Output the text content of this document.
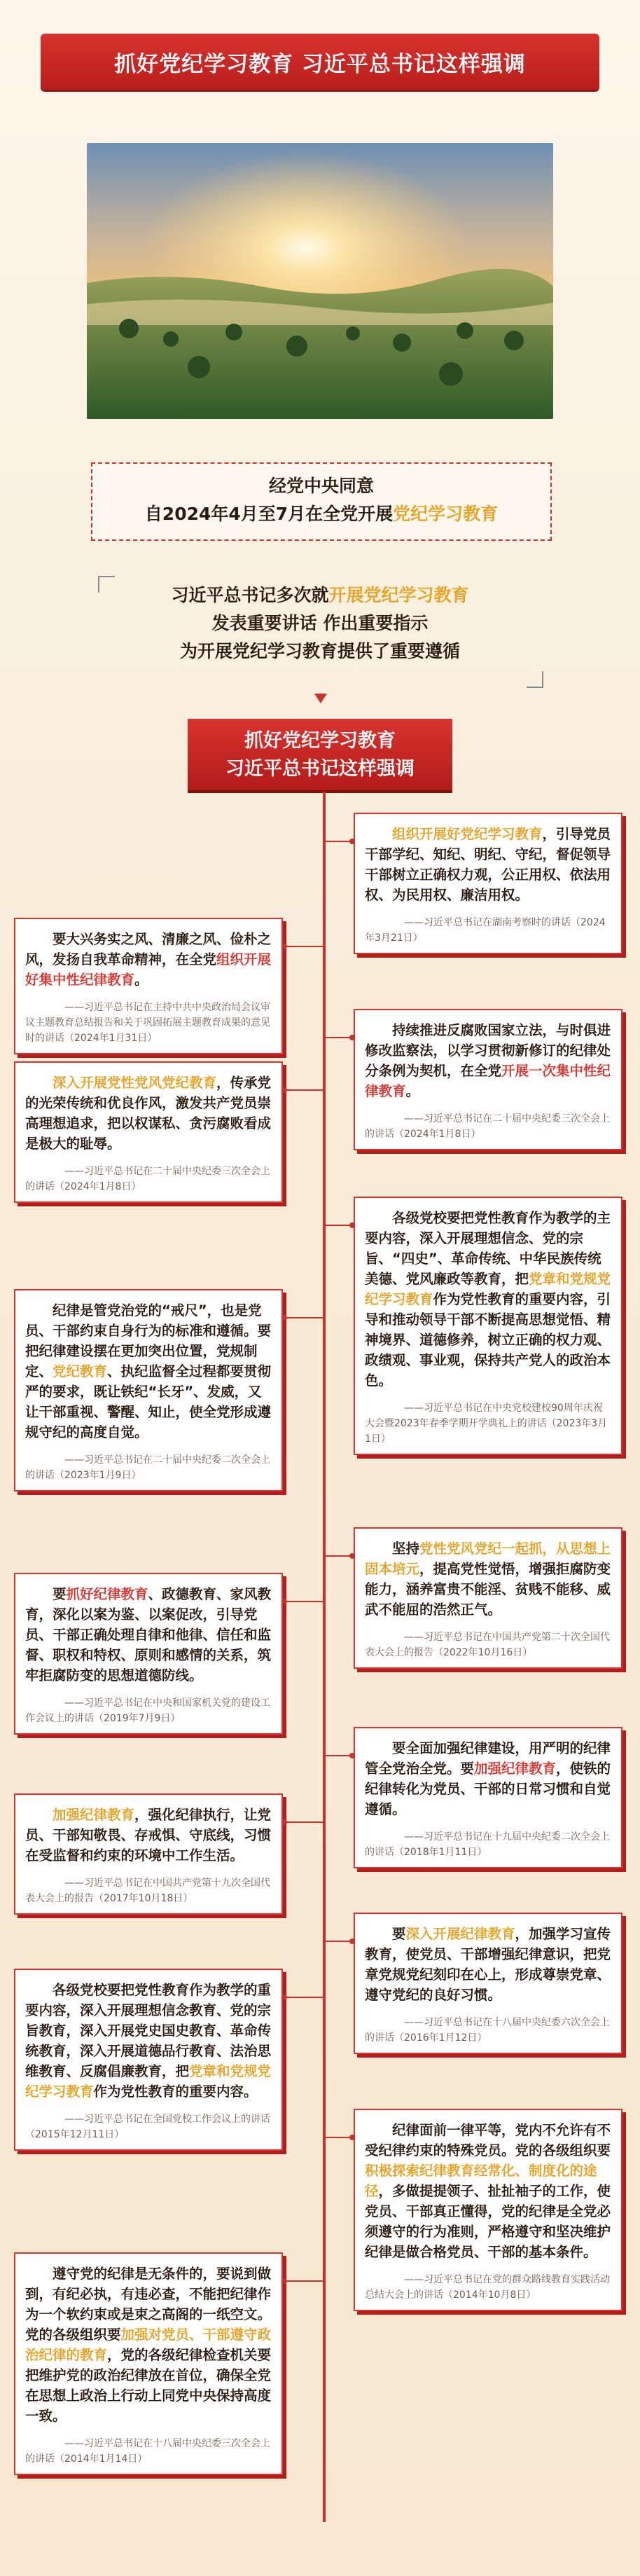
抓好党纪学习教育 习近平总书记这样强调

经党中央同意

自2024年4月至7月在全党开展党纪学习教育

习近平总书记多次就开展党纪学习教育

发表重要讲话 作出重要指示

为开展党纪学习教育提供了重要遵循

抓好党纪学习教育

习近平总书记这样强调

组织开展好党纪学习教育，引导党员干部学纪、知纪、明纪、守纪，督促领导干部树立正确权力观，公正用权、依法用权、为民用权、廉洁用权。

——习近平总书记在湖南考察时的讲话（2024年3月21日）

持续推进反腐败国家立法，与时俱进修改监察法，以学习贯彻新修订的纪律处分条例为契机，在全党开展一次集中性纪律教育。

——习近平总书记在二十届中央纪委三次全会上的讲话（2024年1月8日）

各级党校要把党性教育作为教学的主要内容，深入开展理想信念、党的宗旨、“四史”、革命传统、中华民族传统美德、党风廉政等教育，把党章和党规党纪学习教育作为党性教育的重要内容，引导和推动领导干部不断提高思想觉悟、精神境界、道德修养，树立正确的权力观、政绩观、事业观，保持共产党人的政治本色。

——习近平总书记在中央党校建校90周年庆祝大会暨2023年春季学期开学典礼上的讲话（2023年3月1日）

坚持党性党风党纪一起抓，从思想上固本培元，提高党性觉悟，增强拒腐防变能力，涵养富贵不能淫、贫贱不能移、威武不能屈的浩然正气。

——习近平总书记在中国共产党第二十次全国代表大会上的报告（2022年10月16日）

要全面加强纪律建设，用严明的纪律管全党治全党。要加强纪律教育，使铁的纪律转化为党员、干部的日常习惯和自觉遵循。

——习近平总书记在十九届中央纪委二次全会上的讲话（2018年1月11日）

要深入开展纪律教育，加强学习宣传教育，使党员、干部增强纪律意识，把党章党规党纪刻印在心上，形成尊崇党章、遵守党纪的良好习惯。

——习近平总书记在十八届中央纪委六次全会上的讲话（2016年1月12日）

纪律面前一律平等，党内不允许有不受纪律约束的特殊党员。党的各级组织要积极探索纪律教育经常化、制度化的途径，多做提提领子、扯扯袖子的工作，使党员、干部真正懂得，党的纪律是全党必须遵守的行为准则，严格遵守和坚决维护纪律是做合格党员、干部的基本条件。

——习近平总书记在党的群众路线教育实践活动总结大会上的讲话（2014年10月8日）

要大兴务实之风、清廉之风、俭朴之风，发扬自我革命精神，在全党组织开展好集中性纪律教育。

——习近平总书记在主持中共中央政治局会议审议主题教育总结报告和关于巩固拓展主题教育成果的意见时的讲话（2024年1月31日）

深入开展党性党风党纪教育，传承党的光荣传统和优良作风，激发共产党员崇高理想追求，把以权谋私、贪污腐败看成是极大的耻辱。

——习近平总书记在二十届中央纪委三次全会上的讲话（2024年1月8日）

纪律是管党治党的“戒尺”，也是党员、干部约束自身行为的标准和遵循。要把纪律建设摆在更加突出位置，党规制定、党纪教育、执纪监督全过程都要贯彻严的要求，既让铁纪“长牙”、发威，又让干部重视、警醒、知止，使全党形成遵规守纪的高度自觉。

——习近平总书记在二十届中央纪委二次全会上的讲话（2023年1月9日）

要抓好纪律教育、政德教育、家风教育，深化以案为鉴、以案促改，引导党员、干部正确处理自律和他律、信任和监督、职权和特权、原则和感情的关系，筑牢拒腐防变的思想道德防线。

——习近平总书记在中央和国家机关党的建设工作会议上的讲话（2019年7月9日）

加强纪律教育，强化纪律执行，让党员、干部知敬畏、存戒惧、守底线，习惯在受监督和约束的环境中工作生活。

——习近平总书记在中国共产党第十九次全国代表大会上的报告（2017年10月18日）

各级党校要把党性教育作为教学的重要内容，深入开展理想信念教育、党的宗旨教育，深入开展党史国史教育、革命传统教育，深入开展道德品行教育、法治思维教育、反腐倡廉教育，把党章和党规党纪学习教育作为党性教育的重要内容。

——习近平总书记在全国党校工作会议上的讲话（2015年12月11日）

遵守党的纪律是无条件的，要说到做到，有纪必执，有违必查，不能把纪律作为一个软约束或是束之高阁的一纸空文。党的各级组织要加强对党员、干部遵守政治纪律的教育，党的各级纪律检查机关要把维护党的政治纪律放在首位，确保全党在思想上政治上行动上同党中央保持高度一致。

——习近平总书记在十八届中央纪委三次全会上的讲话（2014年1月14日）
